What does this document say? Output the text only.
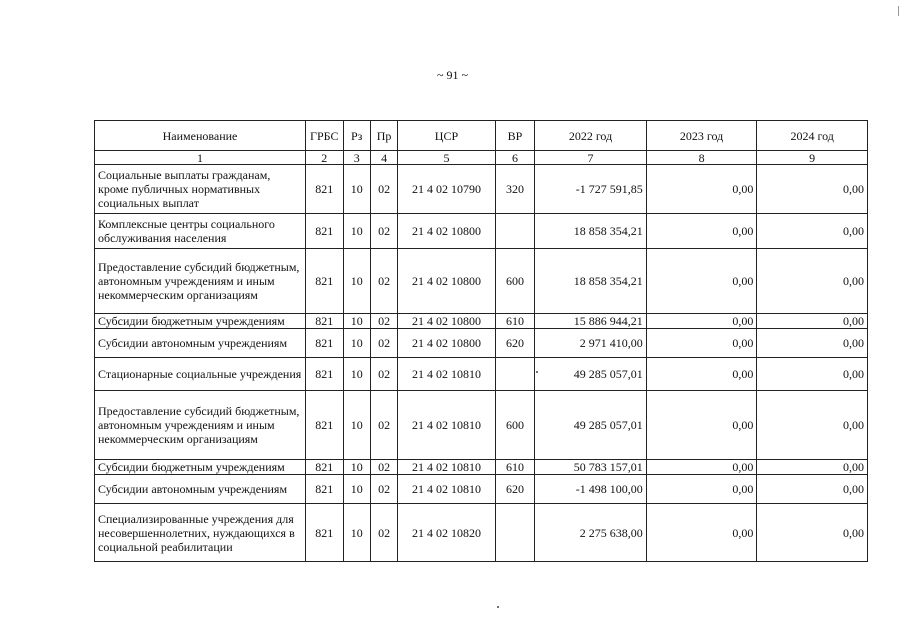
~ 91 ~
Наименование	ГРБС	Рз	Пр	ЦСР	ВР	2022 год	2023 год	2024 год
1	2	3	4	5	6	7	8	9
Социальные выплаты гражданам, кроме публичных нормативных социальных выплат	821	10	02	21 4 02 10790	320	-1 727 591,85	0,00	0,00
Комплексные центры социального обслуживания населения	821	10	02	21 4 02 10800		18 858 354,21	0,00	0,00
Предоставление субсидий бюджетным, автономным учреждениям и иным некоммерческим организациям	821	10	02	21 4 02 10800	600	18 858 354,21	0,00	0,00
Субсидии бюджетным учреждениям	821	10	02	21 4 02 10800	610	15 886 944,21	0,00	0,00
Субсидии автономным учреждениям	821	10	02	21 4 02 10800	620	2 971 410,00	0,00	0,00
Стационарные социальные учреждения	821	10	02	21 4 02 10810		49 285 057,01	0,00	0,00
Предоставление субсидий бюджетным, автономным учреждениям и иным некоммерческим организациям	821	10	02	21 4 02 10810	600	49 285 057,01	0,00	0,00
Субсидии бюджетным учреждениям	821	10	02	21 4 02 10810	610	50 783 157,01	0,00	0,00
Субсидии автономным учреждениям	821	10	02	21 4 02 10810	620	-1 498 100,00	0,00	0,00
Специализированные учреждения для несовершеннолетних, нуждающихся в социальной реабилитации	821	10	02	21 4 02 10820		2 275 638,00	0,00	0,00
